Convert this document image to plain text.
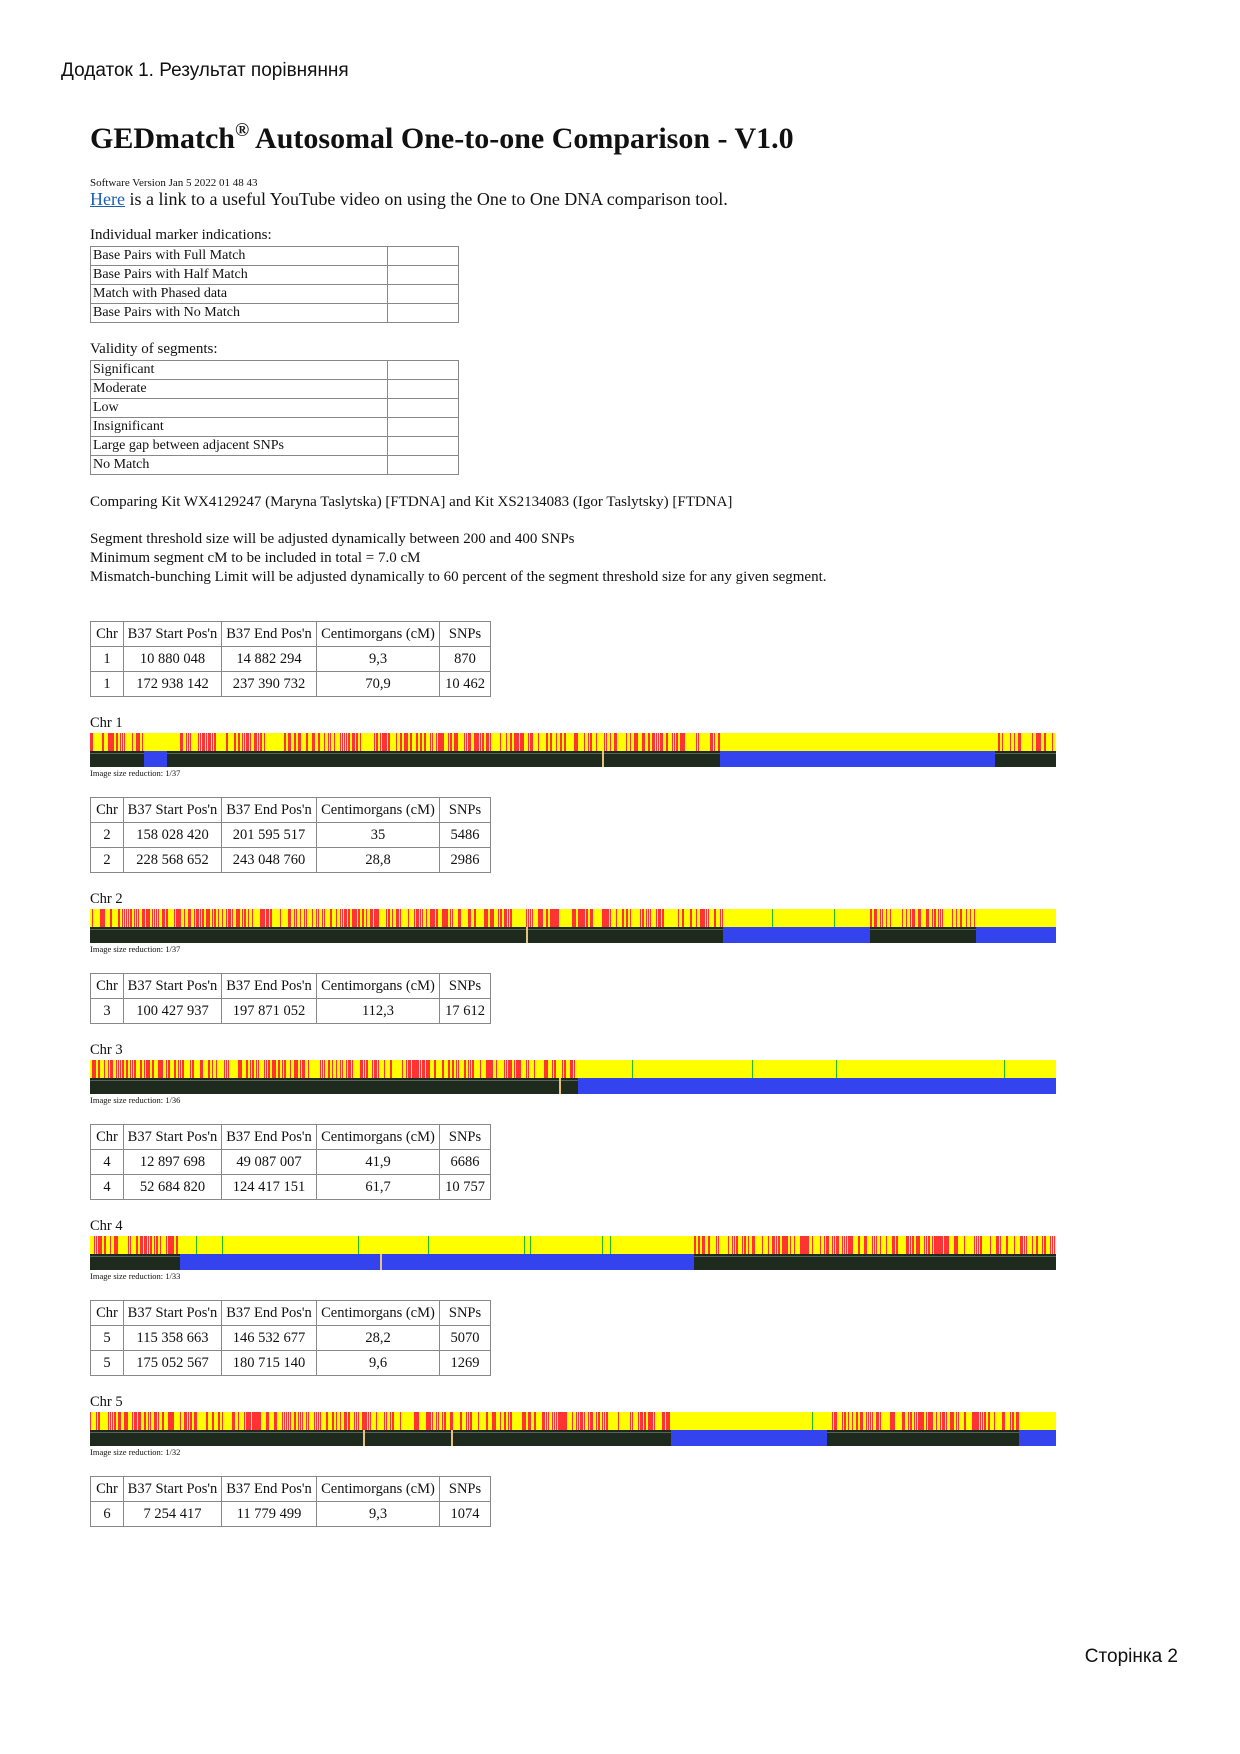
Додаток 1. Результат порівняння
GEDmatch® Autosomal One-to-one Comparison - V1.0
Software Version Jan 5 2022 01 48 43
Here is a link to a useful YouTube video on using the One to One DNA comparison tool.
Individual marker indications:
Base Pairs with Full Match	
Base Pairs with Half Match	
Match with Phased data	
Base Pairs with No Match	
Validity of segments:
Significant	
Moderate	
Low	
Insignificant	
Large gap between adjacent SNPs	
No Match	
Comparing Kit WX4129247 (Maryna Taslytska) [FTDNA] and Kit XS2134083 (Igor Taslytsky) [FTDNA]
Segment threshold size will be adjusted dynamically between 200 and 400 SNPs
Minimum segment cM to be included in total = 7.0 cM
Mismatch-bunching Limit will be adjusted dynamically to 60 percent of the segment threshold size for any given segment.
Chr	B37 Start Pos'n	B37 End Pos'n	Centimorgans (cM)	SNPs
1	10 880 048	14 882 294	9,3	870
1	172 938 142	237 390 732	70,9	10 462
Chr 1
Image size reduction: 1/37
Chr	B37 Start Pos'n	B37 End Pos'n	Centimorgans (cM)	SNPs
2	158 028 420	201 595 517	35	5486
2	228 568 652	243 048 760	28,8	2986
Chr 2
Image size reduction: 1/37
Chr	B37 Start Pos'n	B37 End Pos'n	Centimorgans (cM)	SNPs
3	100 427 937	197 871 052	112,3	17 612
Chr 3
Image size reduction: 1/36
Chr	B37 Start Pos'n	B37 End Pos'n	Centimorgans (cM)	SNPs
4	12 897 698	49 087 007	41,9	6686
4	52 684 820	124 417 151	61,7	10 757
Chr 4
Image size reduction: 1/33
Chr	B37 Start Pos'n	B37 End Pos'n	Centimorgans (cM)	SNPs
5	115 358 663	146 532 677	28,2	5070
5	175 052 567	180 715 140	9,6	1269
Chr 5
Image size reduction: 1/32
Chr	B37 Start Pos'n	B37 End Pos'n	Centimorgans (cM)	SNPs
6	7 254 417	11 779 499	9,3	1074
Сторінка 2
